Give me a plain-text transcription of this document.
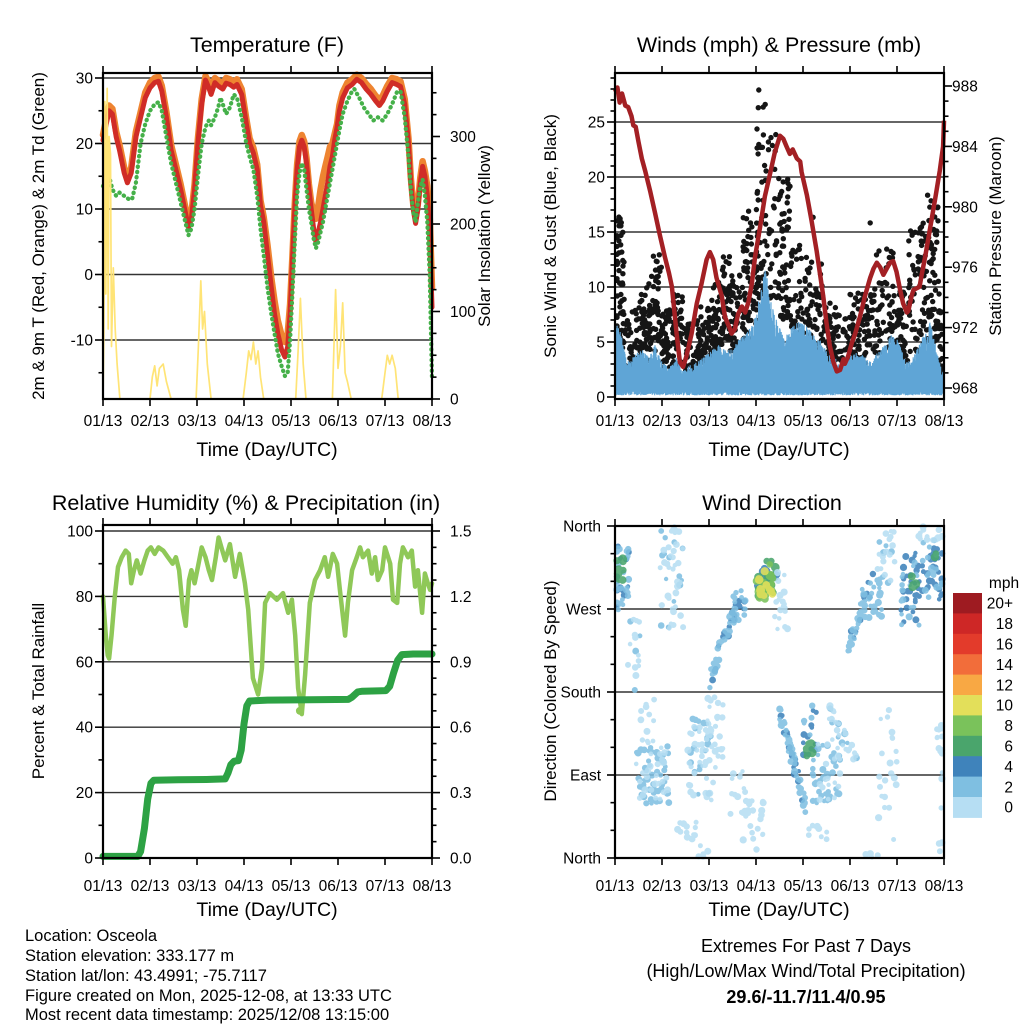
Temperature (F)	Winds (mph) & Pressure (mb)
Relative Humidity (%) & Precipitation (in)	Wind Direction
Time (Day/UTC)	Time (Day/UTC)
Time (Day/UTC)	Time (Day/UTC)
2m & 9m T (Red, Orange) & 2m Td (Green)	Solar Insolation (Yellow)	Sonic Wind & Gust (Blue, Black)	Station Pressure (Maroon)
Percent & Total Rainfall	Direction (Colored By Speed)	mph
Location: Osceola
Station elevation: 333.177 m
Station lat/lon: 43.4991; -75.7117
Figure created on Mon, 2025-12-08, at 13:33 UTC
Most recent data timestamp: 2025/12/08 13:15:00
Extremes For Past 7 Days
(High/Low/Max Wind/Total Precipitation)
29.6/-11.7/11.4/0.95
30
20
10
0
-10
300
200
100
0
01/13 02/13 03/13 04/13 05/13 06/13 07/13 08/13
25
20
15
10
5
0
988
984
980
976
972
968
01/13 02/13 03/13 04/13 05/13 06/13 07/13 08/13
100
80
60
40
20
0
1.5
1.2
0.9
0.6
0.3
0.0
01/13 02/13 03/13 04/13 05/13 06/13 07/13 08/13
North
West
South
East
North
01/13 02/13 03/13 04/13 05/13 06/13 07/13 08/13
20+
18
16
14
12
10
8
6
4
2
0
